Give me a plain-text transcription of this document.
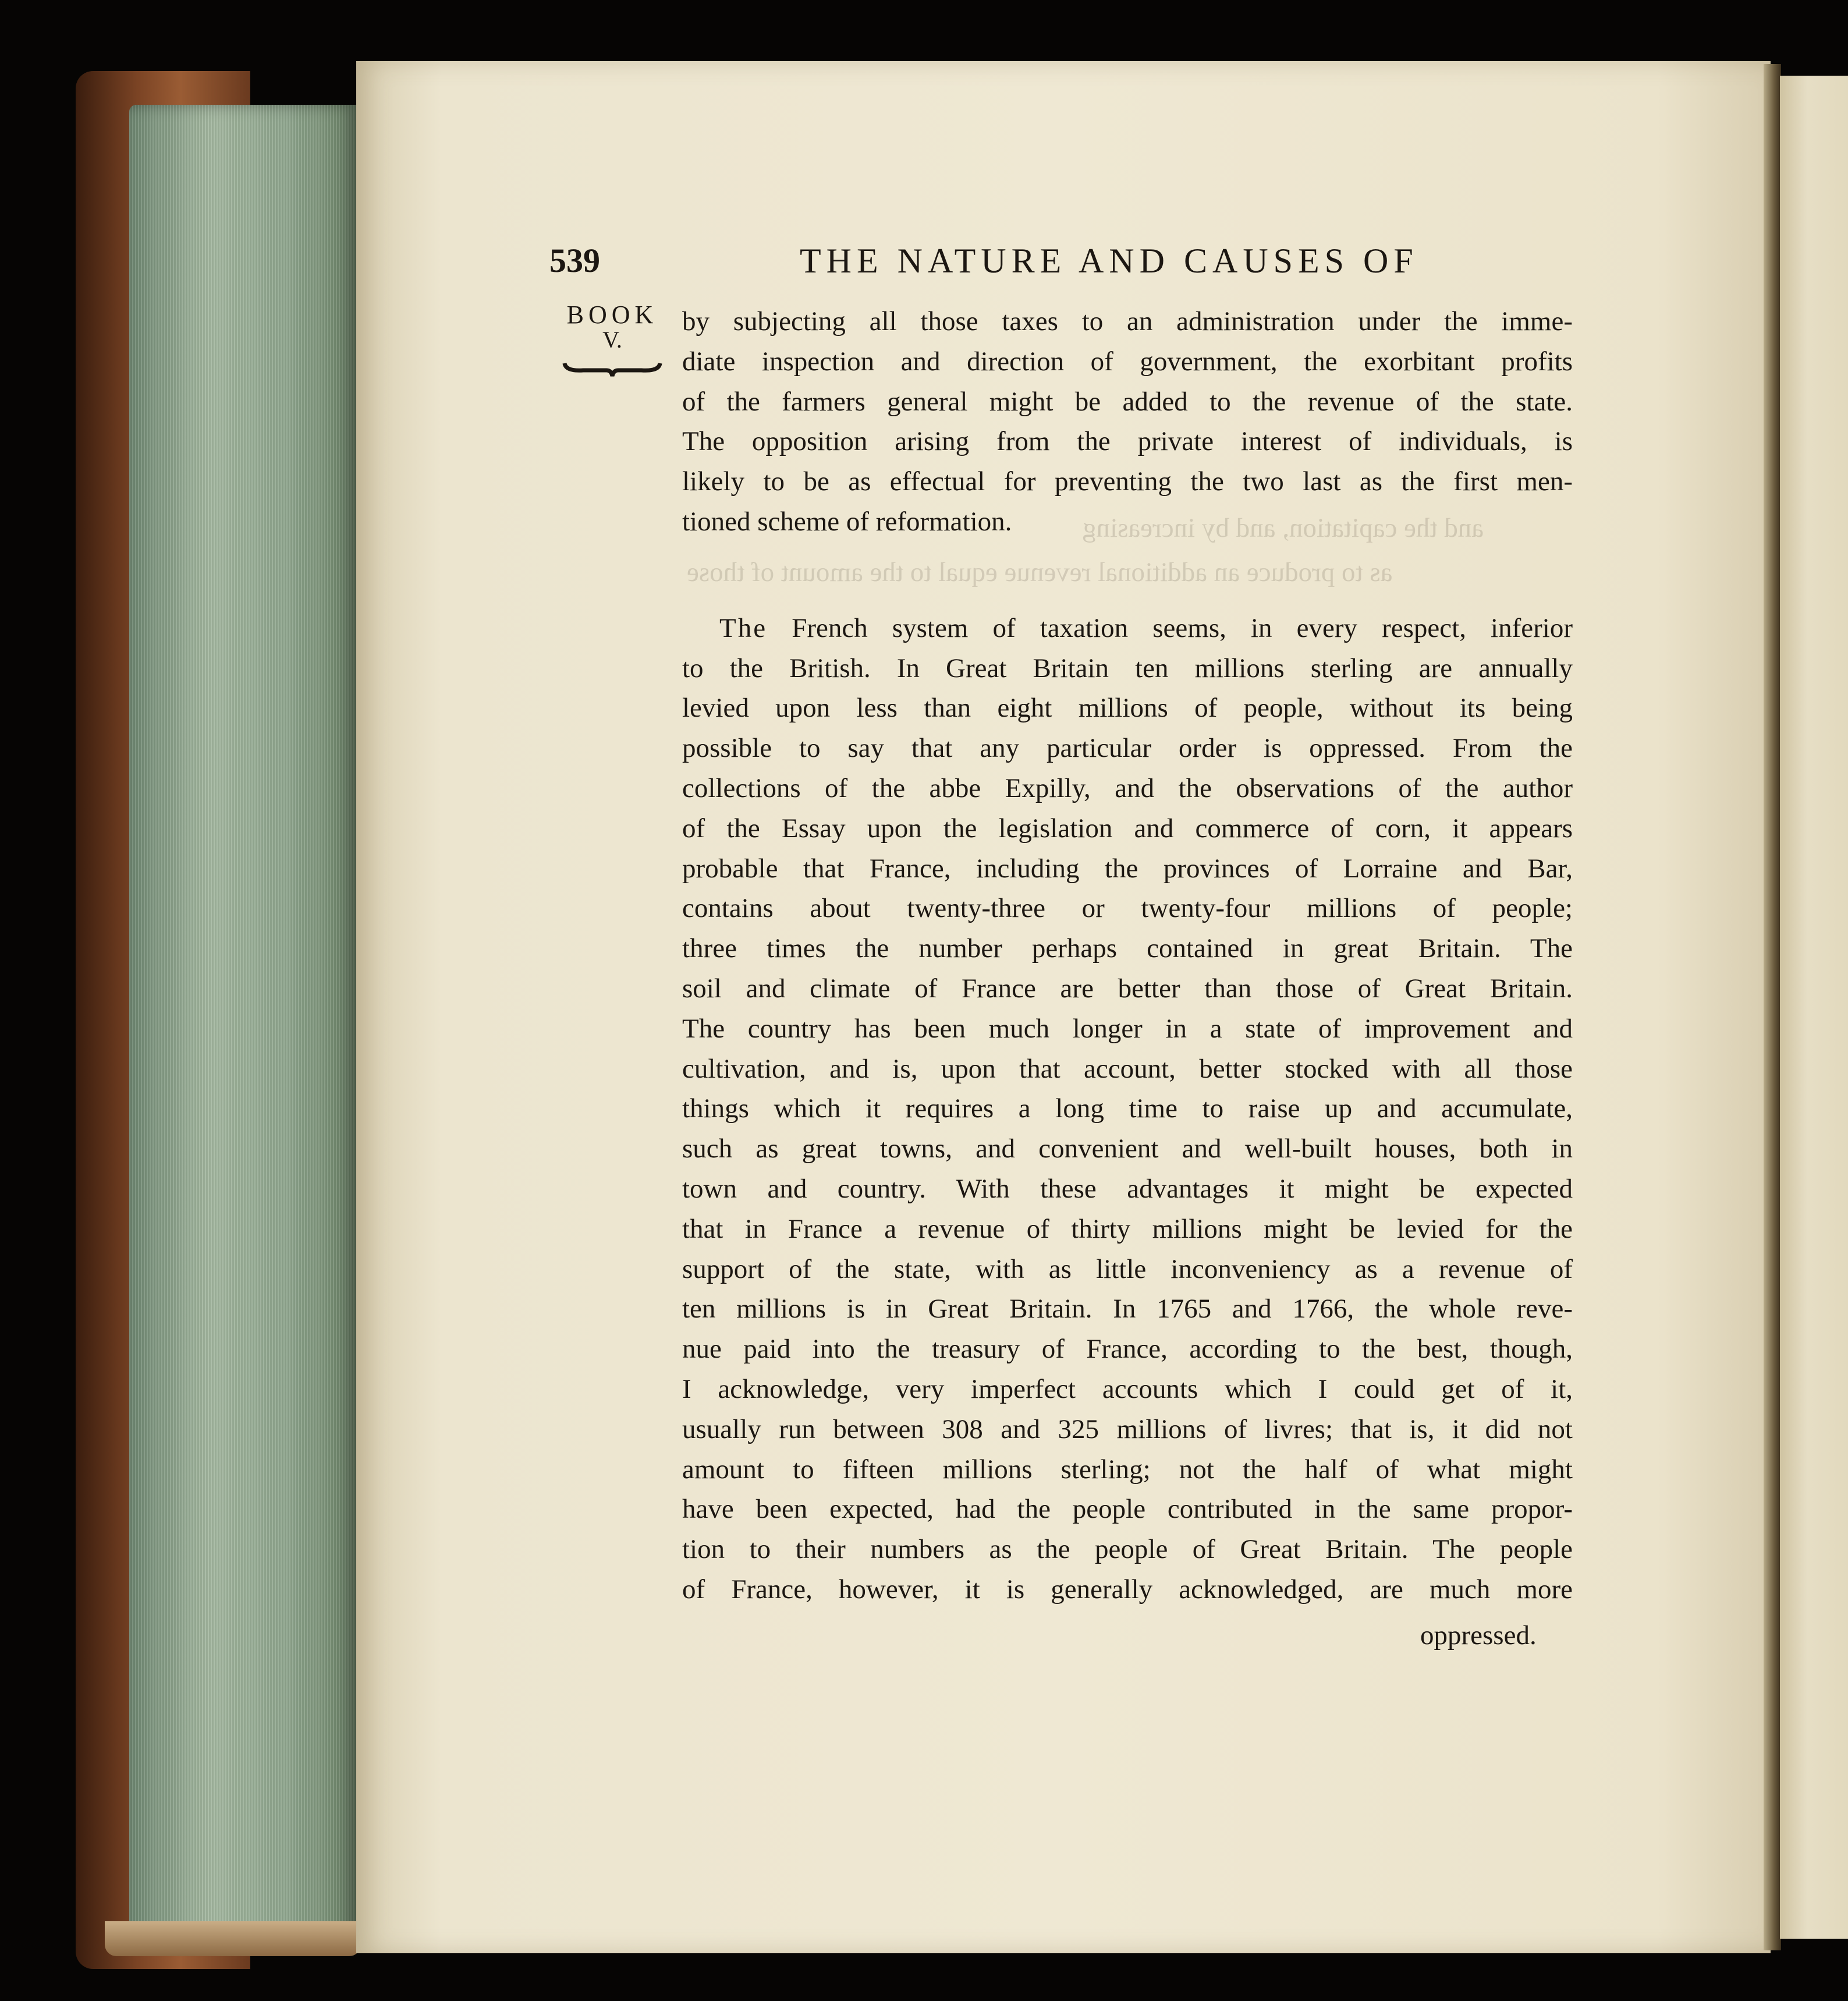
as to produce an additional revenue equal to the amount of those
and the capitation, and by increasing
539	THE NATURE AND CAUSES OF
BOOK
V.
by subjecting all those taxes to an administration under the imme-
diate inspection and direction of government, the exorbitant profits
of the farmers general might be added to the revenue of the state.
The opposition arising from the private interest of individuals, is
likely to be as effectual for preventing the two last as the first men-
tioned scheme of reformation.
The French system of taxation seems, in every respect, inferior
to the British. In Great Britain ten millions sterling are annually
levied upon less than eight millions of people, without its being
possible to say that any particular order is oppressed. From the
collections of the abbe Expilly, and the observations of the author
of the Essay upon the legislation and commerce of corn, it appears
probable that France, including the provinces of Lorraine and Bar,
contains about twenty-three or twenty-four millions of people;
three times the number perhaps contained in great Britain. The
soil and climate of France are better than those of Great Britain.
The country has been much longer in a state of improvement and
cultivation, and is, upon that account, better stocked with all those
things which it requires a long time to raise up and accumulate,
such as great towns, and convenient and well-built houses, both in
town and country. With these advantages it might be expected
that in France a revenue of thirty millions might be levied for the
support of the state, with as little inconveniency as a revenue of
ten millions is in Great Britain. In 1765 and 1766, the whole reve-
nue paid into the treasury of France, according to the best, though,
I acknowledge, very imperfect accounts which I could get of it,
usually run between 308 and 325 millions of livres; that is, it did not
amount to fifteen millions sterling; not the half of what might
have been expected, had the people contributed in the same propor-
tion to their numbers as the people of Great Britain. The people
of France, however, it is generally acknowledged, are much more
oppressed.
